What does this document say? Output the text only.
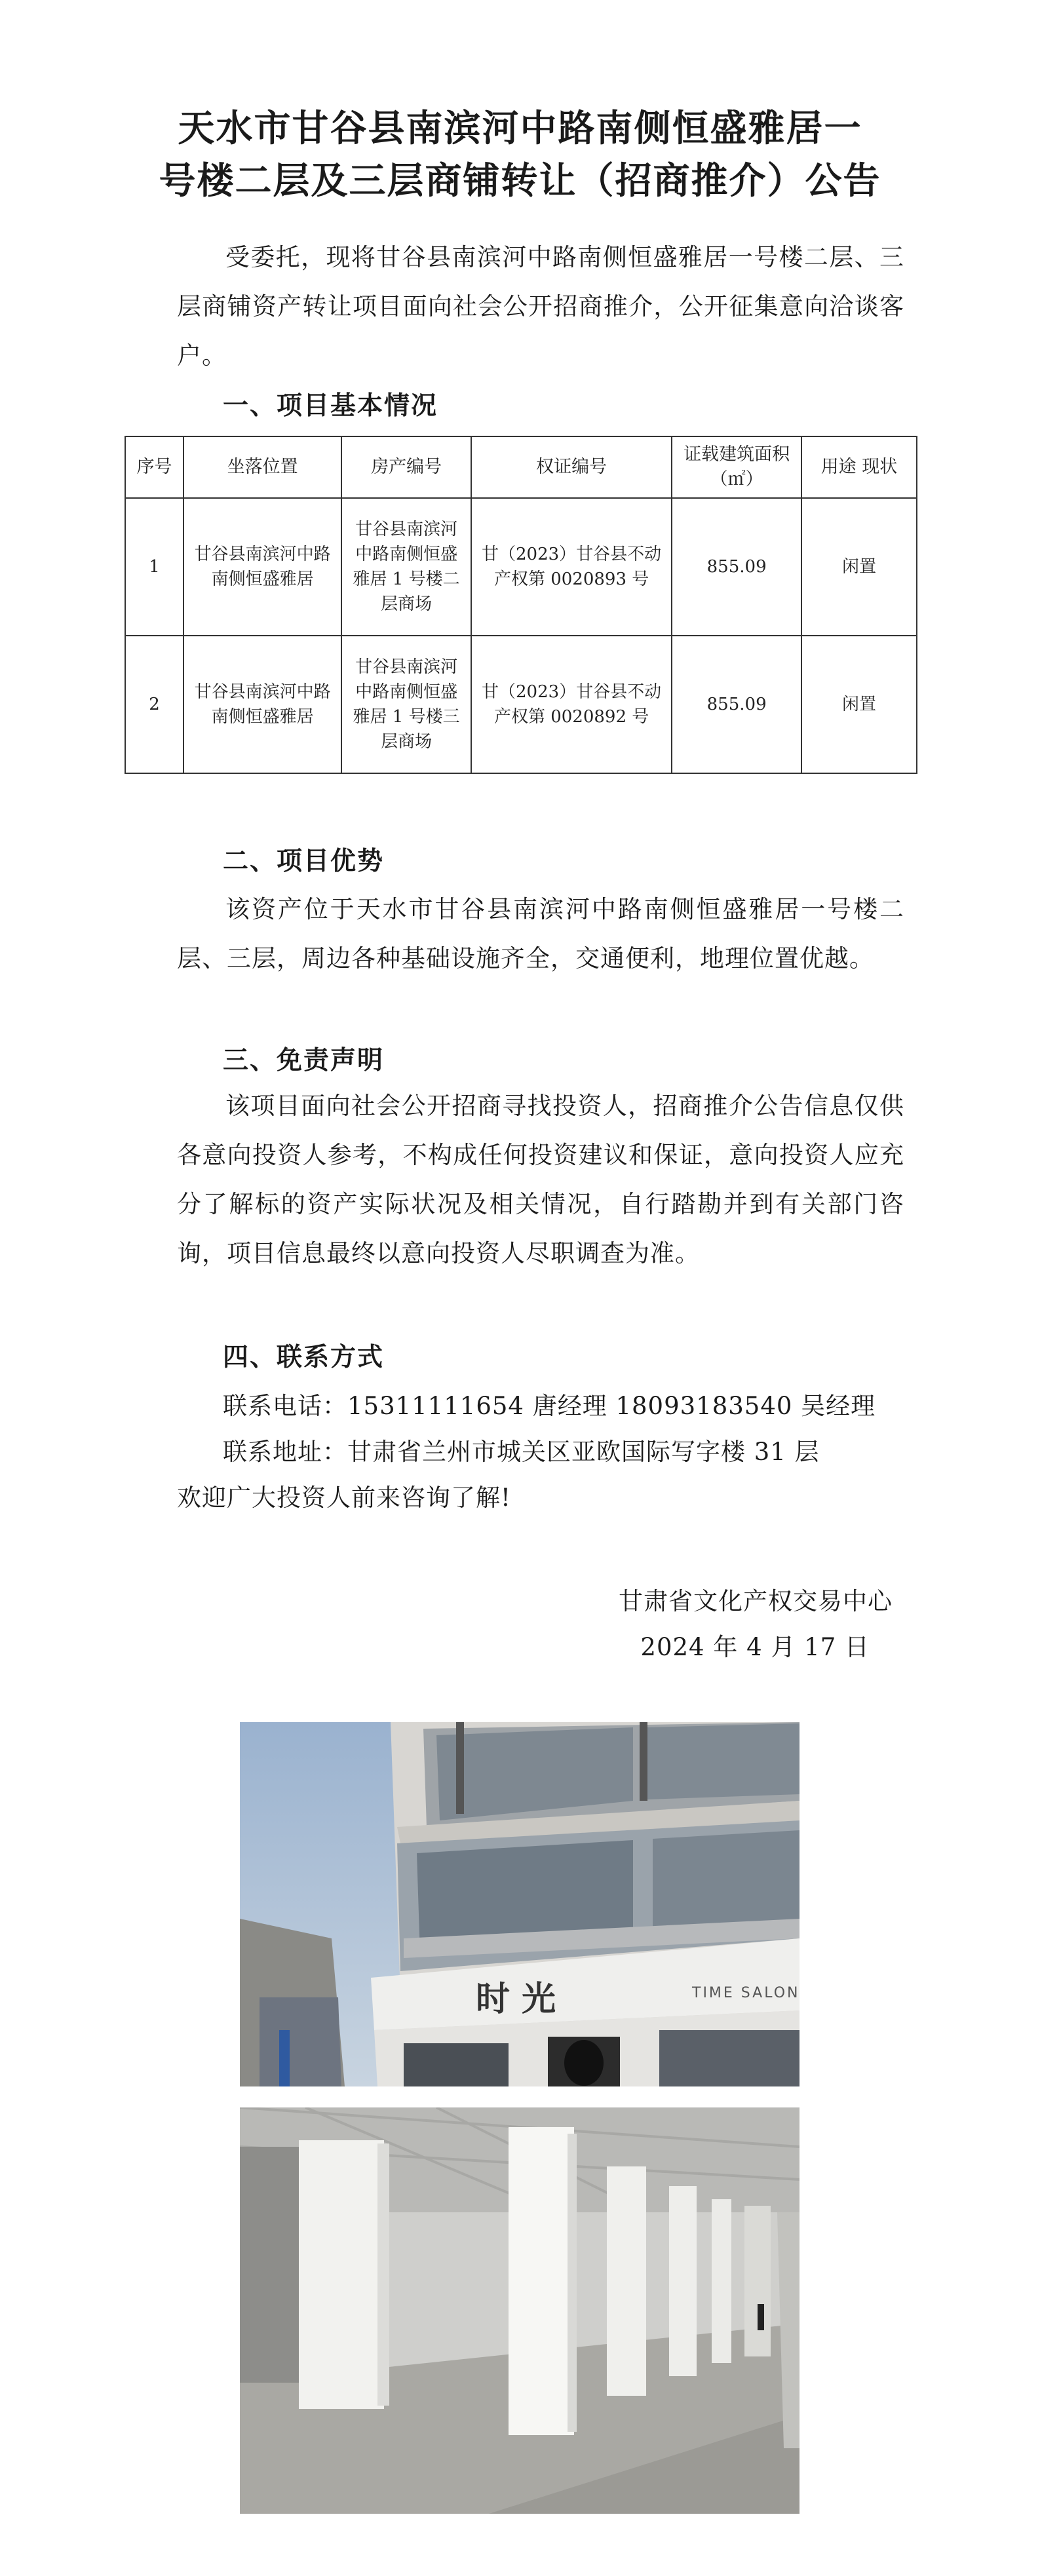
天水市甘谷县南滨河中路南侧恒盛雅居一
号楼二层及三层商铺转让（招商推介）公告

受委托，现将甘谷县南滨河中路南侧恒盛雅居一号楼二层、三层商铺资产转让项目面向社会公开招商推介，公开征集意向洽谈客户。

一、项目基本情况
序号	坐落位置	房产编号	权证编号	证载建筑面积（㎡）	用途 现状
1	甘谷县南滨河中路南侧恒盛雅居	甘谷县南滨河中路南侧恒盛雅居 1 号楼二层商场	甘（2023）甘谷县不动产权第 0020893 号	855.09	闲置
2	甘谷县南滨河中路南侧恒盛雅居	甘谷县南滨河中路南侧恒盛雅居 1 号楼三层商场	甘（2023）甘谷县不动产权第 0020892 号	855.09	闲置
二、项目优势

该资产位于天水市甘谷县南滨河中路南侧恒盛雅居一号楼二层、三层，周边各种基础设施齐全，交通便利，地理位置优越。

三、免责声明

该项目面向社会公开招商寻找投资人，招商推介公告信息仅供各意向投资人参考，不构成任何投资建议和保证，意向投资人应充分了解标的资产实际状况及相关情况，自行踏勘并到有关部门咨询，项目信息最终以意向投资人尽职调查为准。

四、联系方式

联系电话：15311111654 唐经理 18093183540 吴经理

联系地址：甘肃省兰州市城关区亚欧国际写字楼 31 层

欢迎广大投资人前来咨询了解!

甘肃省文化产权交易中心

2024 年 4 月 17 日

时 光	TIME SALON
